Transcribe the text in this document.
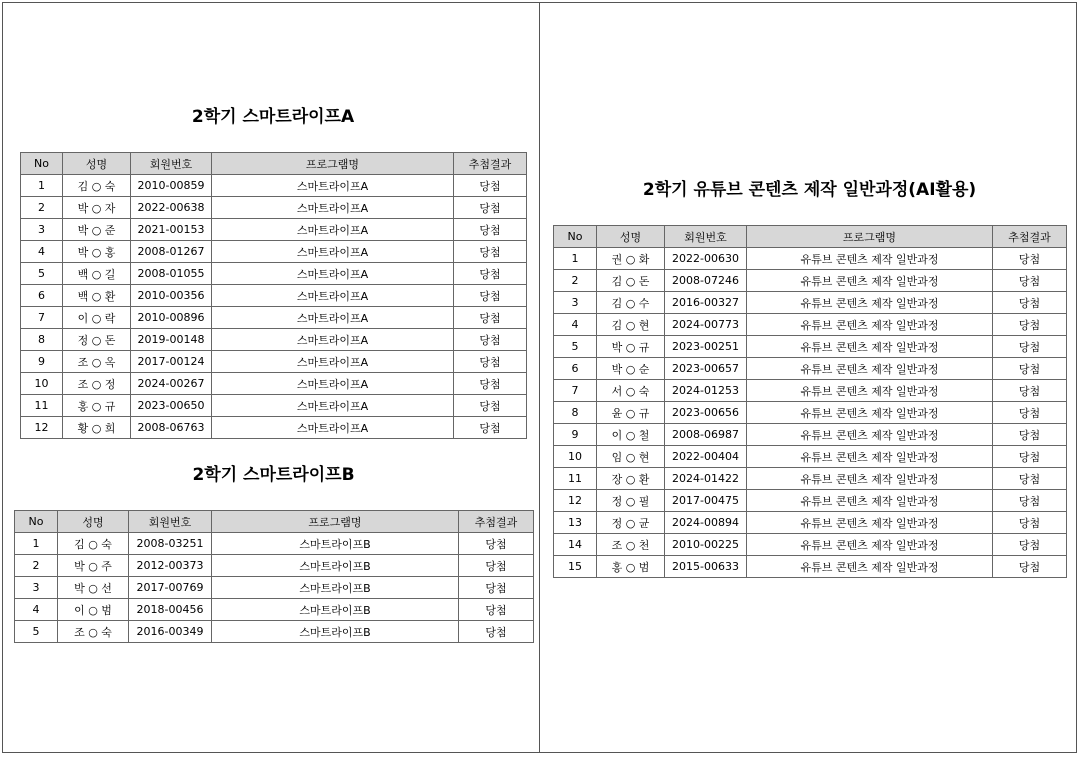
2학기 스마트라이프A
No	성명	회원번호	프로그램명	추첨결과
1	김 ○ 숙	2010-00859	스마트라이프A	당첨
2	박 ○ 자	2022-00638	스마트라이프A	당첨
3	박 ○ 준	2021-00153	스마트라이프A	당첨
4	박 ○ 홍	2008-01267	스마트라이프A	당첨
5	백 ○ 길	2008-01055	스마트라이프A	당첨
6	백 ○ 환	2010-00356	스마트라이프A	당첨
7	이 ○ 락	2010-00896	스마트라이프A	당첨
8	정 ○ 돈	2019-00148	스마트라이프A	당첨
9	조 ○ 옥	2017-00124	스마트라이프A	당첨
10	조 ○ 정	2024-00267	스마트라이프A	당첨
11	홍 ○ 규	2023-00650	스마트라이프A	당첨
12	황 ○ 희	2008-06763	스마트라이프A	당첨
2학기 스마트라이프B
No	성명	회원번호	프로그램명	추첨결과
1	김 ○ 숙	2008-03251	스마트라이프B	당첨
2	박 ○ 주	2012-00373	스마트라이프B	당첨
3	박 ○ 선	2017-00769	스마트라이프B	당첨
4	이 ○ 범	2018-00456	스마트라이프B	당첨
5	조 ○ 숙	2016-00349	스마트라이프B	당첨
2학기 유튜브 콘텐츠 제작 일반과정(AI활용)
No	성명	회원번호	프로그램명	추첨결과
1	권 ○ 화	2022-00630	유튜브 콘텐츠 제작 일반과정	당첨
2	김 ○ 돈	2008-07246	유튜브 콘텐츠 제작 일반과정	당첨
3	김 ○ 수	2016-00327	유튜브 콘텐츠 제작 일반과정	당첨
4	김 ○ 현	2024-00773	유튜브 콘텐츠 제작 일반과정	당첨
5	박 ○ 규	2023-00251	유튜브 콘텐츠 제작 일반과정	당첨
6	박 ○ 순	2023-00657	유튜브 콘텐츠 제작 일반과정	당첨
7	서 ○ 숙	2024-01253	유튜브 콘텐츠 제작 일반과정	당첨
8	윤 ○ 규	2023-00656	유튜브 콘텐츠 제작 일반과정	당첨
9	이 ○ 철	2008-06987	유튜브 콘텐츠 제작 일반과정	당첨
10	임 ○ 현	2022-00404	유튜브 콘텐츠 제작 일반과정	당첨
11	장 ○ 환	2024-01422	유튜브 콘텐츠 제작 일반과정	당첨
12	정 ○ 필	2017-00475	유튜브 콘텐츠 제작 일반과정	당첨
13	정 ○ 균	2024-00894	유튜브 콘텐츠 제작 일반과정	당첨
14	조 ○ 천	2010-00225	유튜브 콘텐츠 제작 일반과정	당첨
15	홍 ○ 범	2015-00633	유튜브 콘텐츠 제작 일반과정	당첨
